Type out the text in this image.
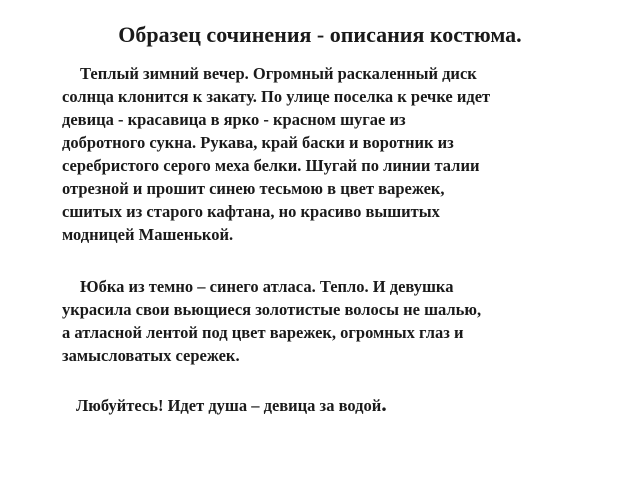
Образец сочинения - описания костюма.
Теплый зимний вечер. Огромный раскаленный диск
солнца клонится к закату. По улице поселка к речке идет
девица - красавица в ярко - красном шугае из
добротного сукна. Рукава, край баски и воротник из
серебристого серого меха белки. Шугай по линии талии
отрезной и прошит синею тесьмою в цвет варежек,
сшитых из старого кафтана, но красиво вышитых
модницей Машенькой.
Юбка из темно – синего атласа. Тепло. И девушка
украсила свои вьющиеся золотистые волосы не шалью,
а атласной лентой под цвет варежек, огромных глаз и
замысловатых сережек.
Любуйтесь! Идет душа – девица за водой.
